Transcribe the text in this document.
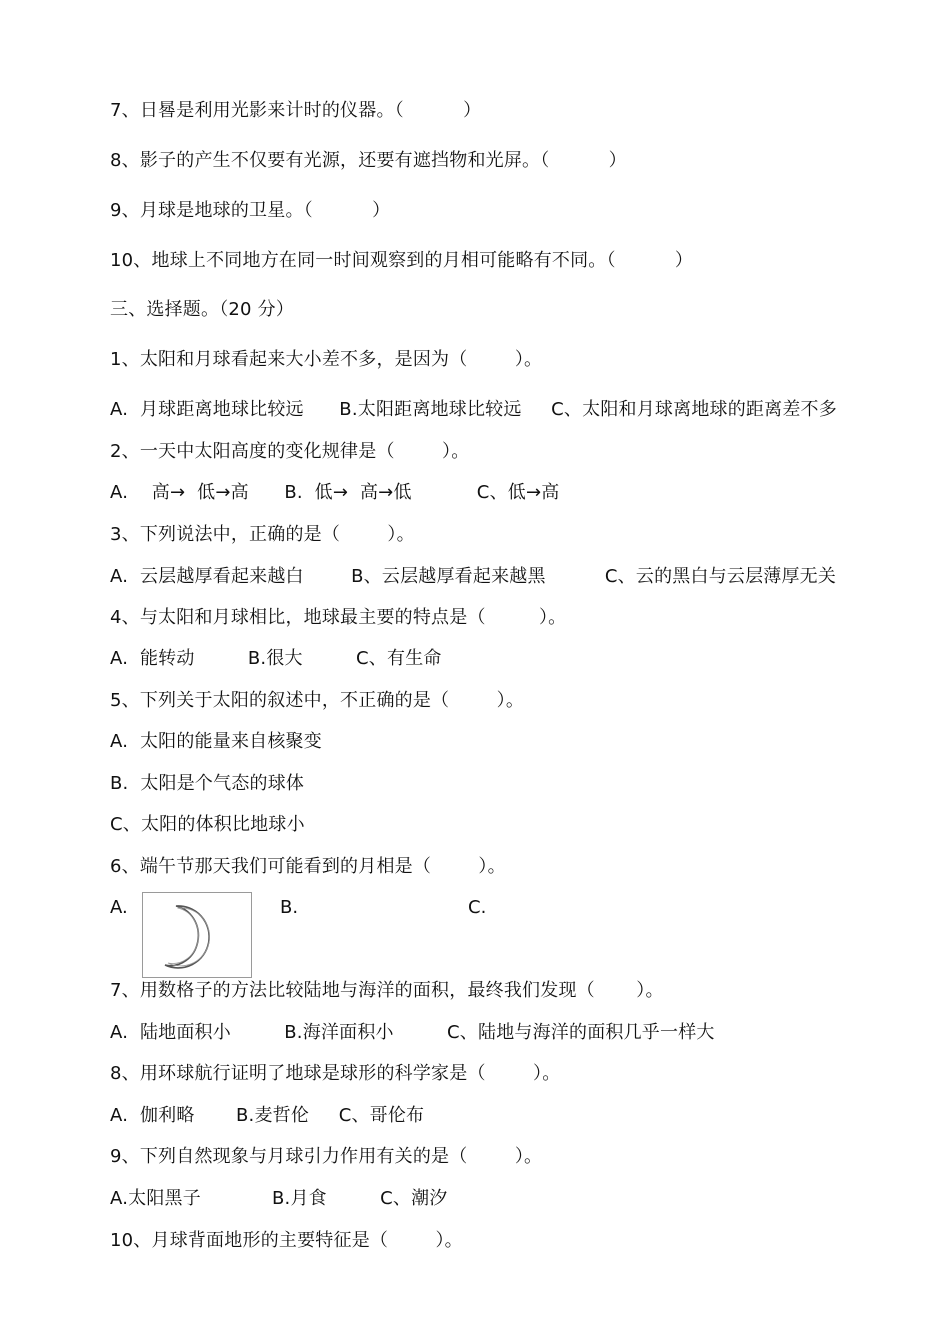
7、日晷是利用光影来计时的仪器。（          ）
8、影子的产生不仅要有光源，还要有遮挡物和光屏。（          ）
9、月球是地球的卫星。（          ）
10、地球上不同地方在同一时间观察到的月相可能略有不同。（          ）
三、选择题。（20 分）
1、太阳和月球看起来大小差不多，是因为（        ）。
A.  月球距离地球比较远      B.太阳距离地球比较远     C、太阳和月球离地球的距离差不多
2、一天中太阳高度的变化规律是（        ）。
A.    高→  低→高      B.  低→  高→低           C、低→高
3、下列说法中，正确的是（        ）。
A.  云层越厚看起来越白        B、云层越厚看起来越黑          C、云的黑白与云层薄厚无关
4、与太阳和月球相比，地球最主要的特点是（         ）。
A.  能转动         B.很大         C、有生命
5、下列关于太阳的叙述中，不正确的是（        ）。
A.  太阳的能量来自核聚变
B.  太阳是个气态的球体
C、太阳的体积比地球小
6、端午节那天我们可能看到的月相是（        ）。
A.	B.	C.
7、用数格子的方法比较陆地与海洋的面积，最终我们发现（       ）。
A.  陆地面积小         B.海洋面积小         C、陆地与海洋的面积几乎一样大
8、用环球航行证明了地球是球形的科学家是（        ）。
A.  伽利略       B.麦哲伦     C、哥伦布
9、下列自然现象与月球引力作用有关的是（        ）。
A.太阳黑子            B.月食         C、潮汐
10、月球背面地形的主要特征是（        ）。
